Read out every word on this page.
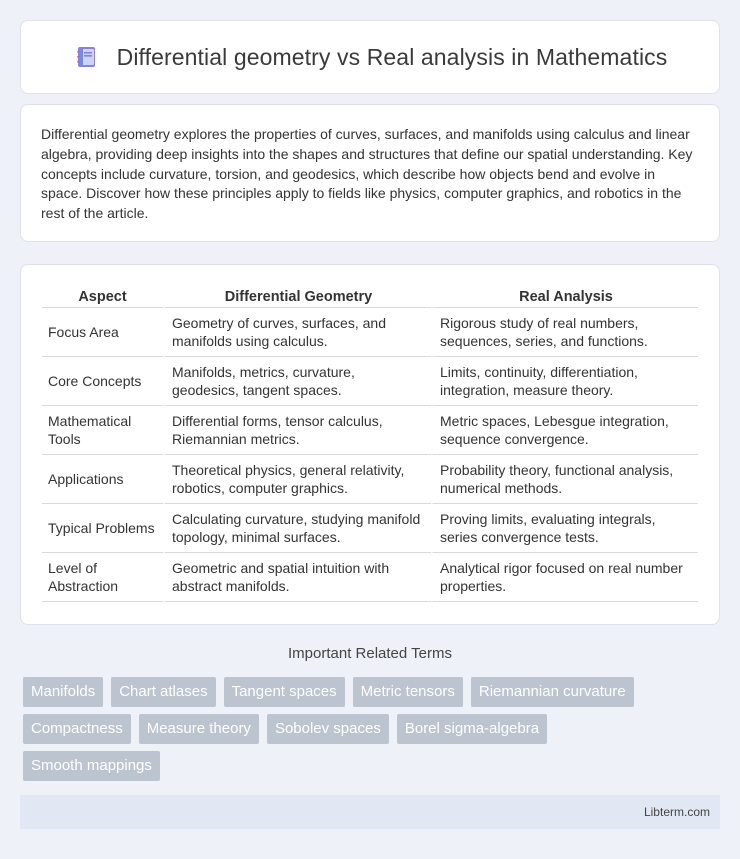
Differential geometry vs Real analysis in Mathematics

Differential geometry explores the properties of curves, surfaces, and manifolds using calculus and linear algebra, providing deep insights into the shapes and structures that define our spatial understanding. Key concepts include curvature, torsion, and geodesics, which describe how objects bend and evolve in space. Discover how these principles apply to fields like physics, computer graphics, and robotics in the rest of the article.

Aspect	Differential Geometry	Real Analysis
Focus Area	Geometry of curves, surfaces, and manifolds using calculus.	Rigorous study of real numbers, sequences, series, and functions.
Core Concepts	Manifolds, metrics, curvature, geodesics, tangent spaces.	Limits, continuity, differentiation, integration, measure theory.
Mathematical Tools	Differential forms, tensor calculus, Riemannian metrics.	Metric spaces, Lebesgue integration, sequence convergence.
Applications	Theoretical physics, general relativity, robotics, computer graphics.	Probability theory, functional analysis, numerical methods.
Typical Problems	Calculating curvature, studying manifold topology, minimal surfaces.	Proving limits, evaluating integrals, series convergence tests.
Level of Abstraction	Geometric and spatial intuition with abstract manifolds.	Analytical rigor focused on real number properties.
Important Related Terms
Manifolds	Chart atlases	Tangent spaces	Metric tensors	Riemannian curvature
Compactness	Measure theory	Sobolev spaces	Borel sigma-algebra
Smooth mappings
Libterm.com
